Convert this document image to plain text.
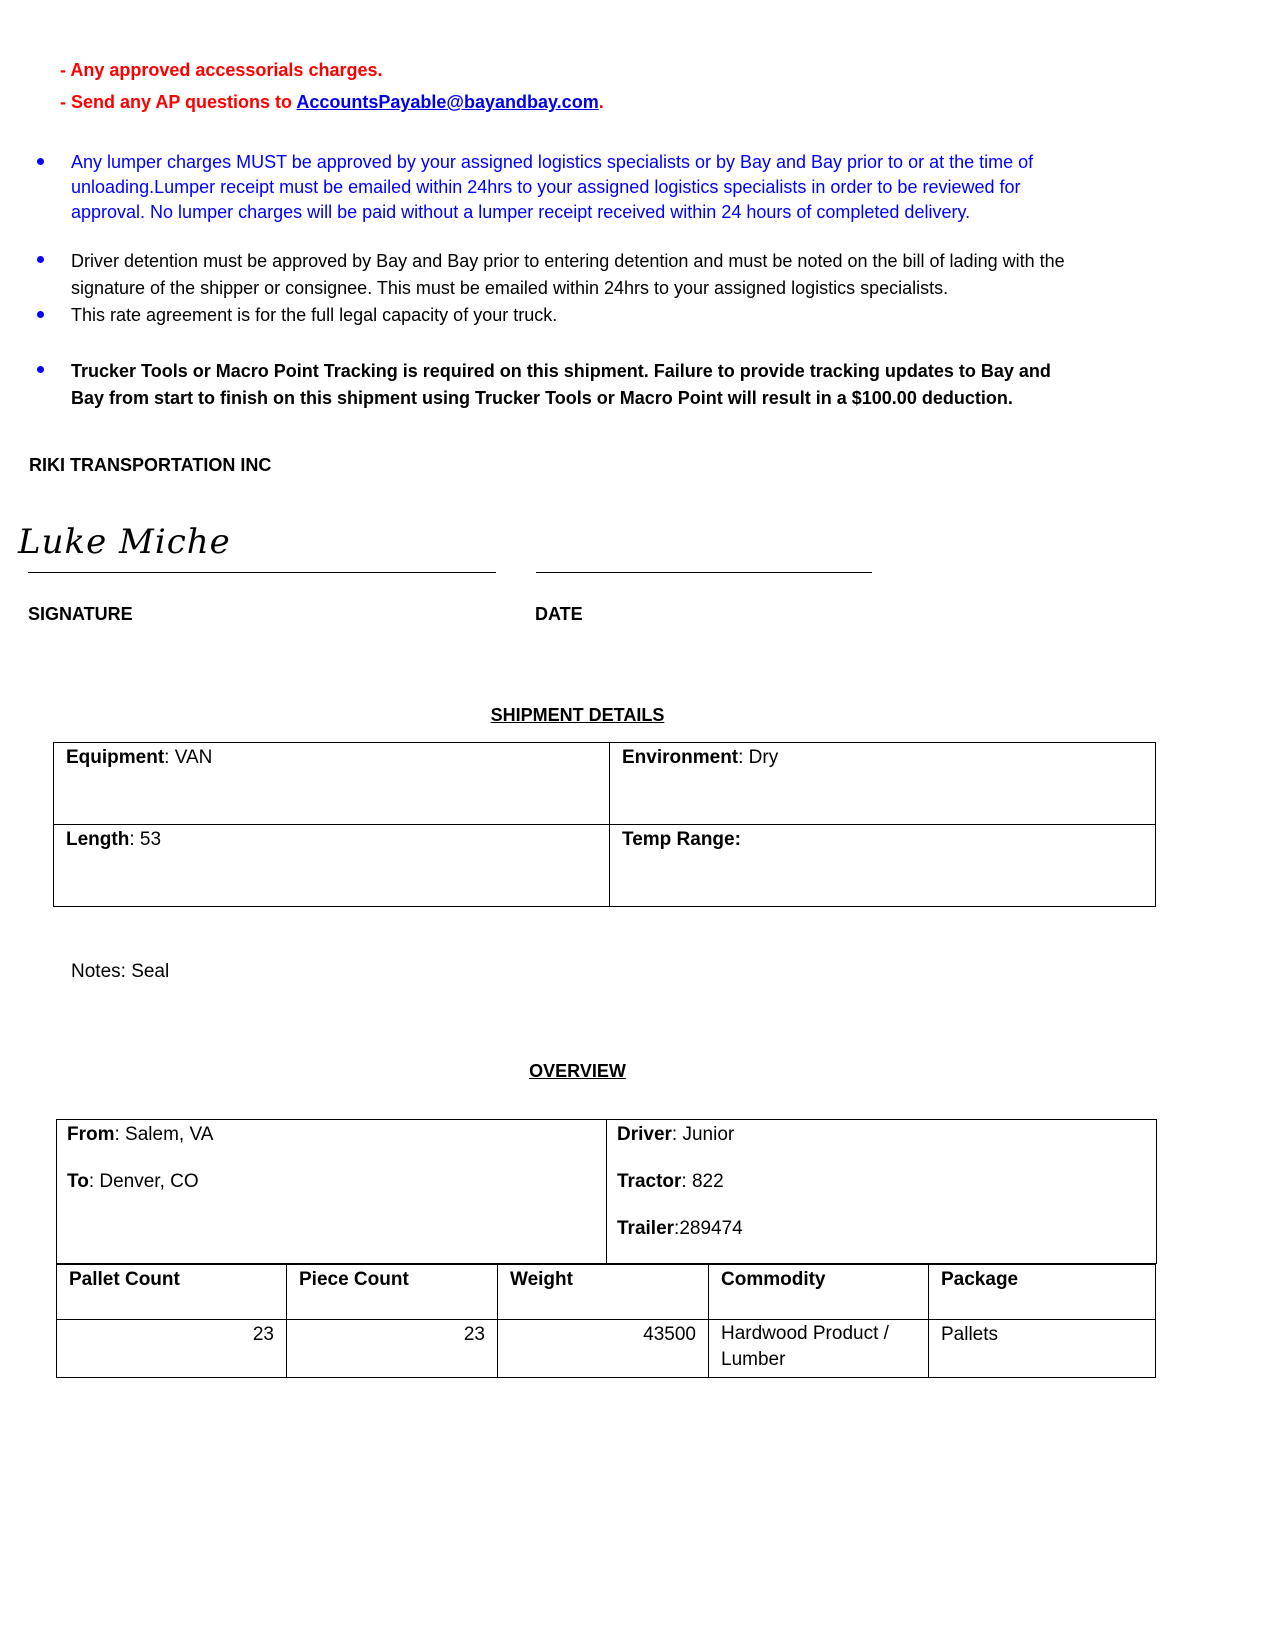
- Any approved accessorials charges.
- Send any AP questions to AccountsPayable@bayandbay.com.
Any lumper charges MUST be approved by your assigned logistics specialists or by Bay and Bay prior to or at the time of unloading.Lumper receipt must be emailed within 24hrs to your assigned logistics specialists in order to be reviewed for approval. No lumper charges will be paid without a lumper receipt received within 24 hours of completed delivery.
Driver detention must be approved by Bay and Bay prior to entering detention and must be noted on the bill of lading with the signature of the shipper or consignee. This must be emailed within 24hrs to your assigned logistics specialists.
This rate agreement is for the full legal capacity of your truck.
Trucker Tools or Macro Point Tracking is required on this shipment. Failure to provide tracking updates to Bay and Bay from start to finish on this shipment using Trucker Tools or Macro Point will result in a $100.00 deduction.
RIKI TRANSPORTATION INC
Luke Miche
SIGNATURE	DATE
SHIPMENT DETAILS
Equipment: VAN	Environment: Dry

Length: 53	Temp Range:
Notes: Seal
OVERVIEW
From: Salem, VA
To: Denver, CO

Driver: Junior
Tractor: 822
Trailer:289474
Pallet Count	Piece Count	Weight	Commodity	Package

23	23	43500	Hardwood Product / Lumber	Pallets
